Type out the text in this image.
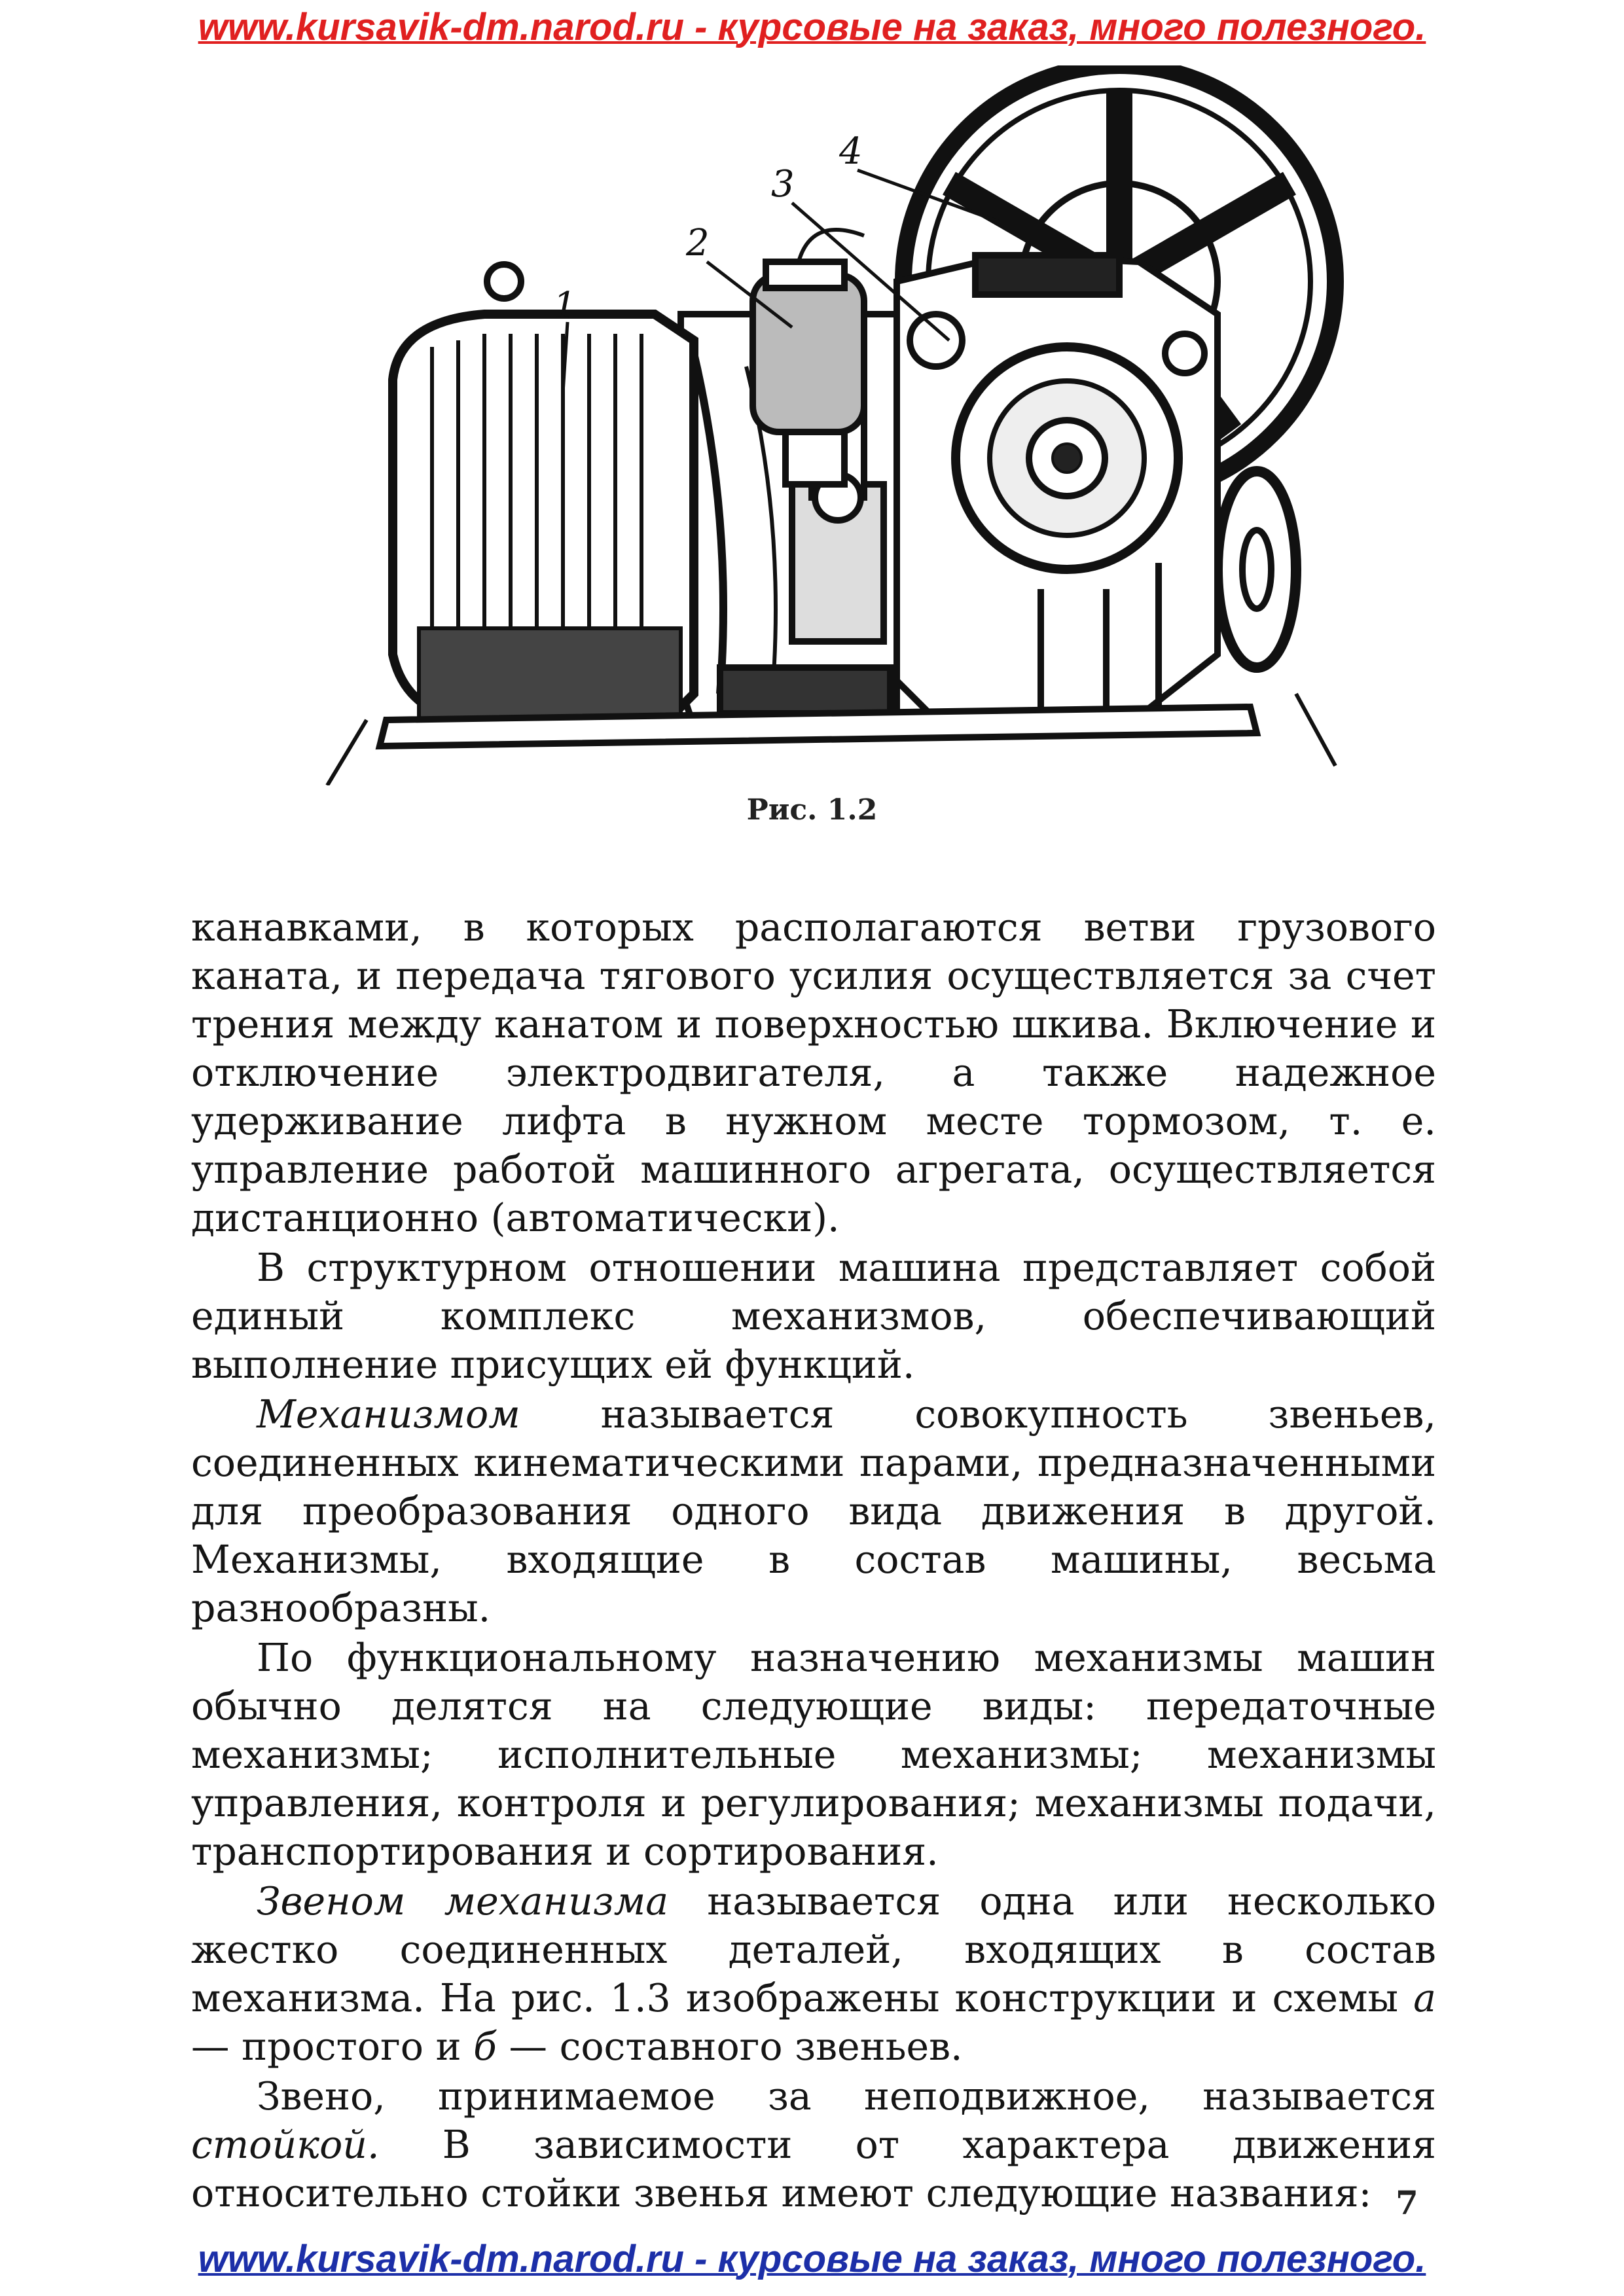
www.kursavik-dm.narod.ru - курсовые на заказ, много полезного.
1
2
3
4
Рис. 1.2

канавками, в которых располагаются ветви грузового каната, и передача тягового усилия осуществляется за счет трения между канатом и поверхностью шкива. Включение и отключение электродвигателя, а также надежное удерживание лифта в нужном месте тормозом, т. е. управление работой машинного агрегата, осуществляется дистанционно (автоматически).

В структурном отношении машина представляет собой единый комплекс механизмов, обеспечивающий выполнение присущих ей функций.

Механизмом называется совокупность звеньев, соединенных кинематическими парами, предназначенными для преобразования одного вида движения в другой. Механизмы, входящие в состав машины, весьма разнообразны.

По функциональному назначению механизмы машин обычно делятся на следующие виды: передаточные механизмы; исполнительные механизмы; механизмы управления, контроля и регулирования; механизмы подачи, транспортирования и сортирования.

Звеном механизма называется одна или несколько жестко соединенных деталей, входящих в состав механизма. На рис. 1.3 изображены конструкции и схемы а — простого и б — составного звеньев.

Звено, принимаемое за неподвижное, называется стойкой. В зависимости от характера движения относительно стойки звенья имеют следующие названия: 7
www.kursavik-dm.narod.ru - курсовые на заказ, много полезного.
